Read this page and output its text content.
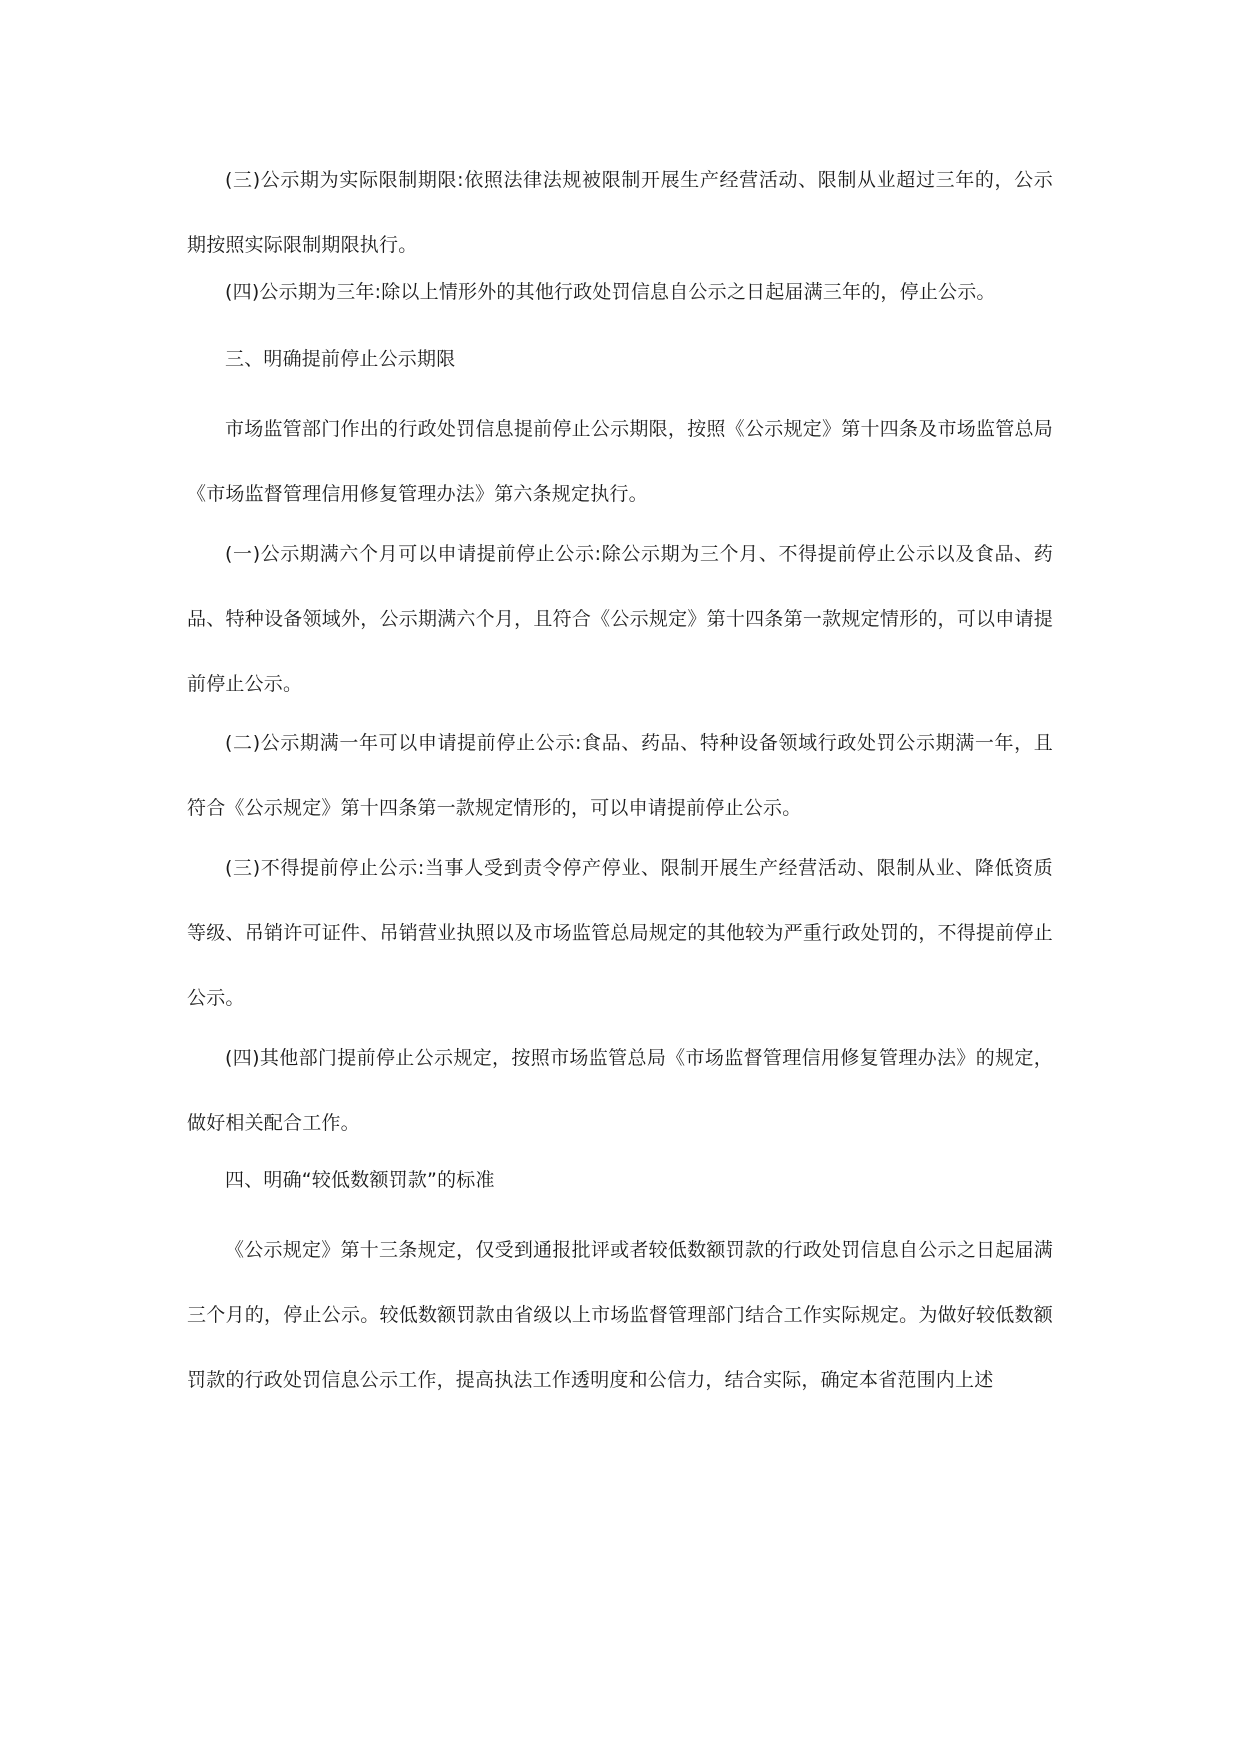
(三)公示期为实际限制期限:依照法律法规被限制开展生产经营活动、限制从业超过三年的，公示期按照实际限制期限执行。

(四)公示期为三年:除以上情形外的其他行政处罚信息自公示之日起届满三年的，停止公示。

三、明确提前停止公示期限

市场监管部门作出的行政处罚信息提前停止公示期限，按照《公示规定》第十四条及市场监管总局《市场监督管理信用修复管理办法》第六条规定执行。

(一)公示期满六个月可以申请提前停止公示:除公示期为三个月、不得提前停止公示以及食品、药品、特种设备领域外，公示期满六个月，且符合《公示规定》第十四条第一款规定情形的，可以申请提前停止公示。

(二)公示期满一年可以申请提前停止公示:食品、药品、特种设备领域行政处罚公示期满一年，且符合《公示规定》第十四条第一款规定情形的，可以申请提前停止公示。

(三)不得提前停止公示:当事人受到责令停产停业、限制开展生产经营活动、限制从业、降低资质等级、吊销许可证件、吊销营业执照以及市场监管总局规定的其他较为严重行政处罚的，不得提前停止公示。

(四)其他部门提前停止公示规定，按照市场监管总局《市场监督管理信用修复管理办法》的规定，做好相关配合工作。

四、明确“较低数额罚款”的标准

《公示规定》第十三条规定，仅受到通报批评或者较低数额罚款的行政处罚信息自公示之日起届满三个月的，停止公示。较低数额罚款由省级以上市场监督管理部门结合工作实际规定。为做好较低数额罚款的行政处罚信息公示工作，提高执法工作透明度和公信力，结合实际，确定本省范围内上述
